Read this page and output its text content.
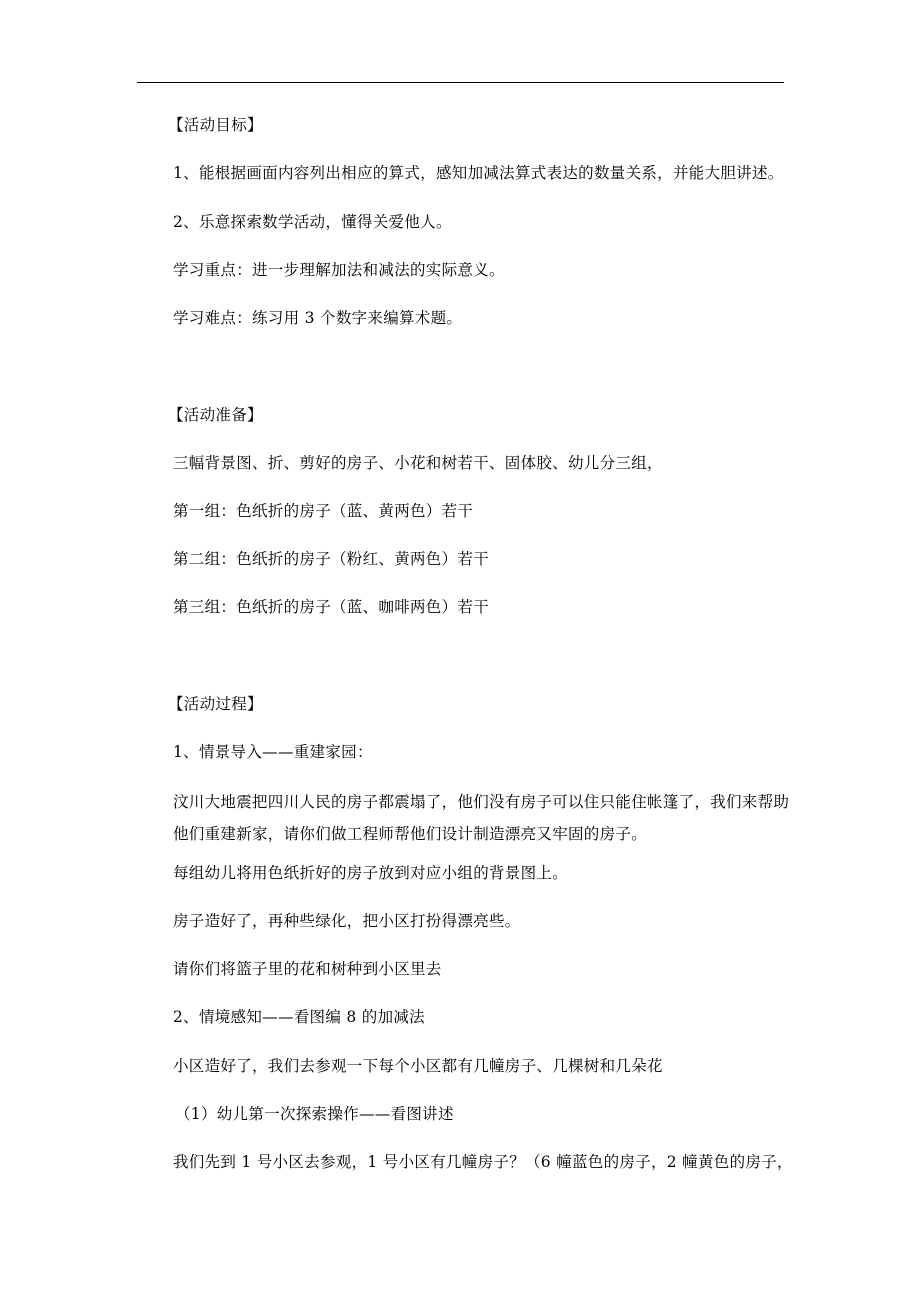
【活动目标】
1、能根据画面内容列出相应的算式，感知加减法算式表达的数量关系，并能大胆讲述。
2、乐意探索数学活动，懂得关爱他人。
学习重点：进一步理解加法和减法的实际意义。
学习难点：练习用 3 个数字来编算术题。
【活动准备】
三幅背景图、折、剪好的房子、小花和树若干、固体胶、幼儿分三组，
第一组：色纸折的房子（蓝、黄两色）若干
第二组：色纸折的房子（粉红、黄两色）若干
第三组：色纸折的房子（蓝、咖啡两色）若干
【活动过程】
1、情景导入——重建家园：
汶川大地震把四川人民的房子都震塌了，他们没有房子可以住只能住帐篷了，我们来帮助他们重建新家，请你们做工程师帮他们设计制造漂亮又牢固的房子。
每组幼儿将用色纸折好的房子放到对应小组的背景图上。
房子造好了，再种些绿化，把小区打扮得漂亮些。
请你们将篮子里的花和树种到小区里去
2、情境感知——看图编 8 的加减法
小区造好了，我们去参观一下每个小区都有几幢房子、几棵树和几朵花
（1）幼儿第一次探索操作——看图讲述
我们先到 1 号小区去参观，1 号小区有几幢房子？（6 幢蓝色的房子，2 幢黄色的房子，
